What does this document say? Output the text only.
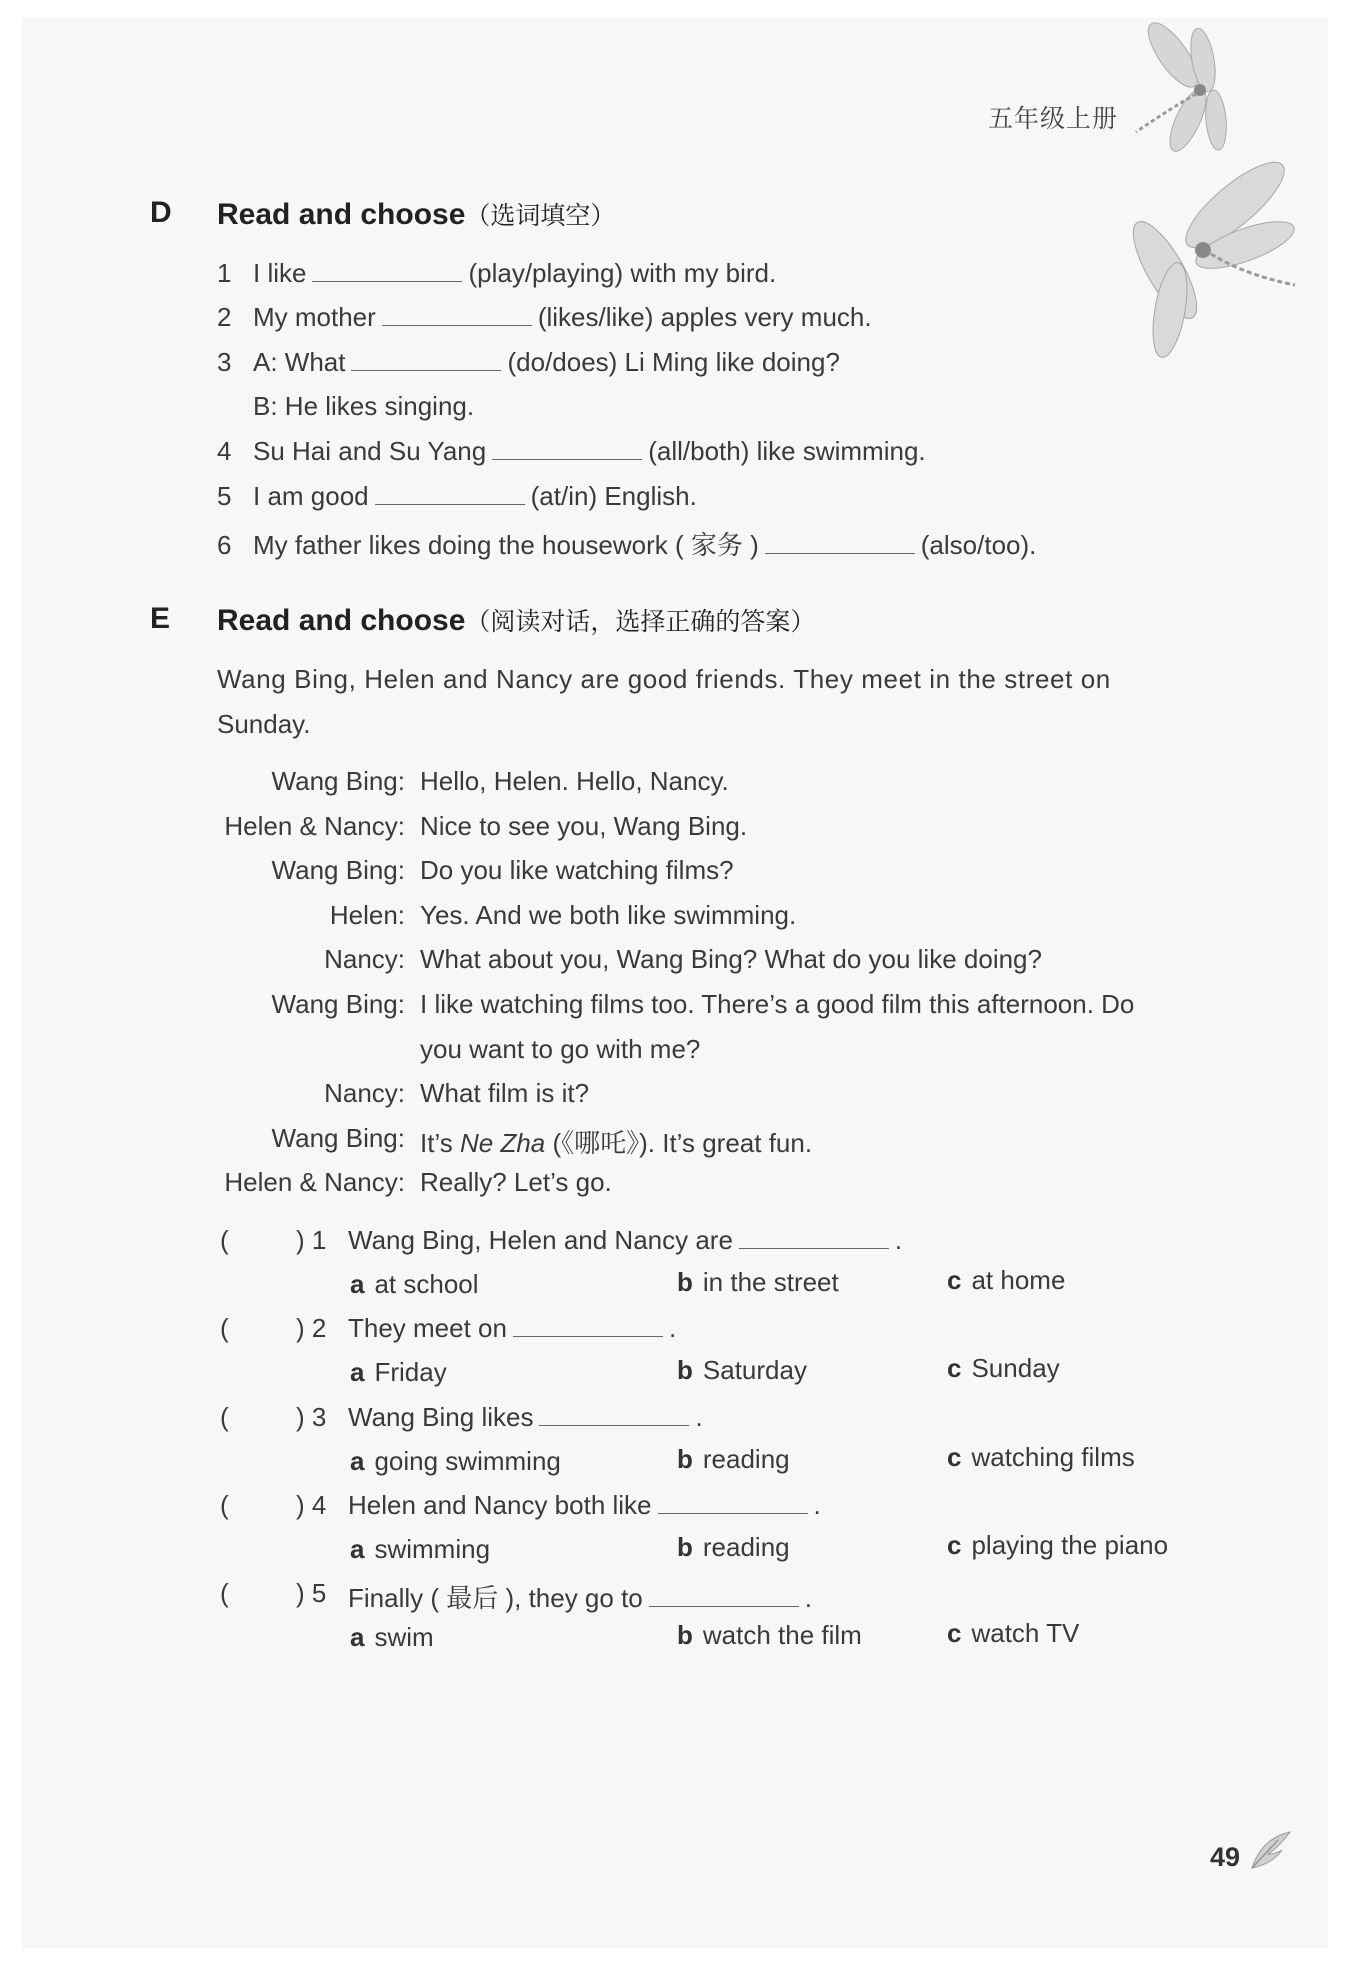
五年级上册
D Read and choose（选词填空）
1 I like	(play/playing) with my bird.
2 My mother	(likes/like) apples very much.
3 A: What	(do/does) Li Ming like doing?
B: He likes singing.
4 Su Hai and Su Yang	(all/both) like swimming.
5 I am good	(at/in) English.
6 My father likes doing the housework ( 家务 )	(also/too).
E Read and choose（阅读对话，选择正确的答案）
Wang Bing, Helen and Nancy are good friends. They meet in the street on
Sunday.
Wang Bing: Hello, Helen. Hello, Nancy.
Helen & Nancy: Nice to see you, Wang Bing.
Wang Bing: Do you like watching films?
Helen: Yes. And we both like swimming.
Nancy: What about you, Wang Bing? What do you like doing?
Wang Bing: I like watching films too. There’s a good film this afternoon. Do
you want to go with me?
Nancy: What film is it?
Wang Bing: It’s Ne Zha (《哪吒》). It’s great fun.
Helen & Nancy: Really? Let’s go.
(	) 1 Wang Bing, Helen and Nancy are	.
a at school	b in the street	c at home
(	) 2 They meet on	.
a Friday	b Saturday	c Sunday
(	) 3 Wang Bing likes	.
a going swimming	b reading	c watching films
(	) 4 Helen and Nancy both like	.
a swimming	b reading	c playing the piano
(	) 5 Finally ( 最后 ), they go to	.
a swim	b watch the film	c watch TV
49
